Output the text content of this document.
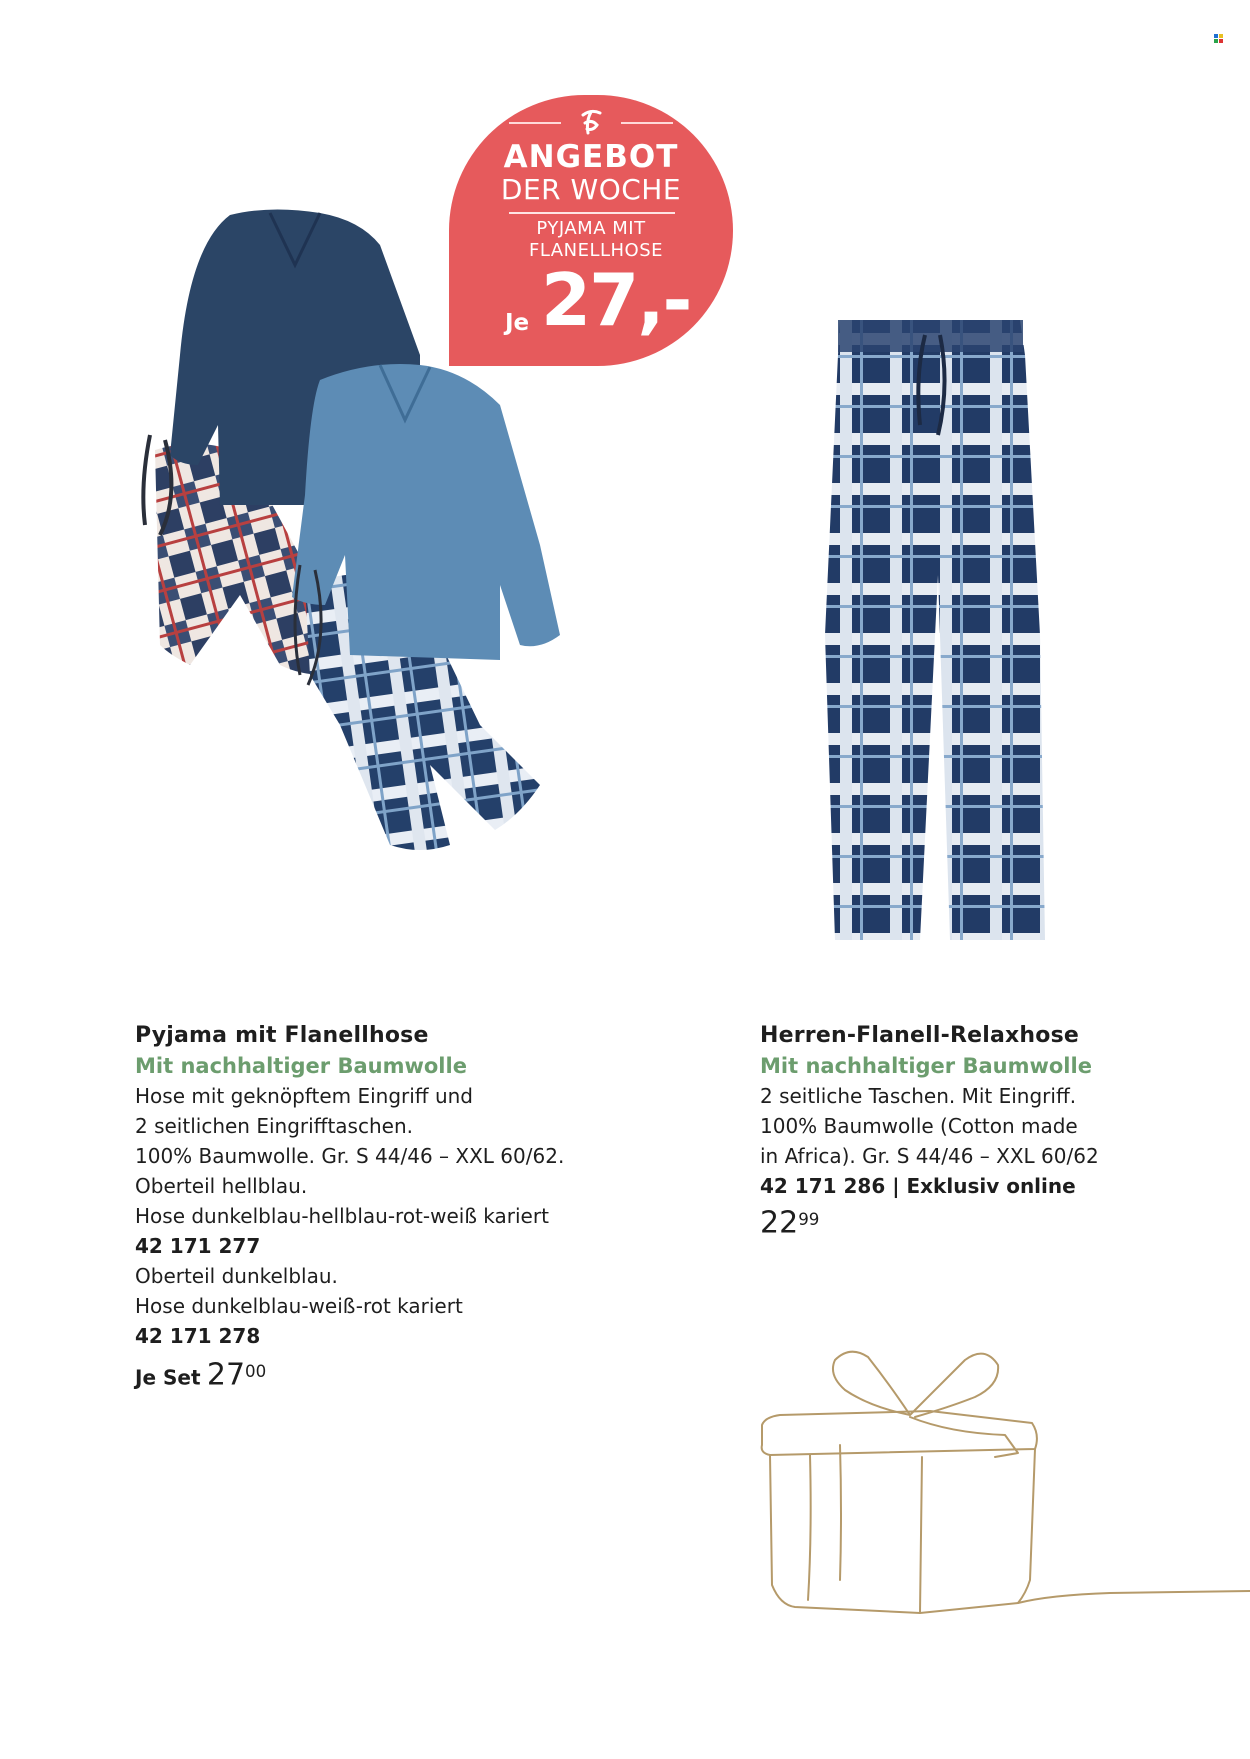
ANGEBOT
DER WOCHE
PYJAMA MIT FLANELLHOSE
Je 27,-

Pyjama mit Flanellhose

Mit nachhaltiger Baumwolle

Hose mit geknöpftem Eingriff und

2 seitlichen Eingrifftaschen.

100% Baumwolle. Gr. S 44/46 – XXL 60/62.

Oberteil hellblau.

Hose dunkelblau-hellblau-rot-weiß kariert

42 171 277

Oberteil dunkelblau.

Hose dunkelblau-weiß-rot kariert

42 171 278

Je Set $27^{00}$

Herren-Flanell-Relaxhose

Mit nachhaltiger Baumwolle

2 seitliche Taschen. Mit Eingriff.

100% Baumwolle (Cotton made

in Africa). Gr. S 44/46 – XXL 60/62

42 171 286 | Exklusiv online

$22^{99}$
